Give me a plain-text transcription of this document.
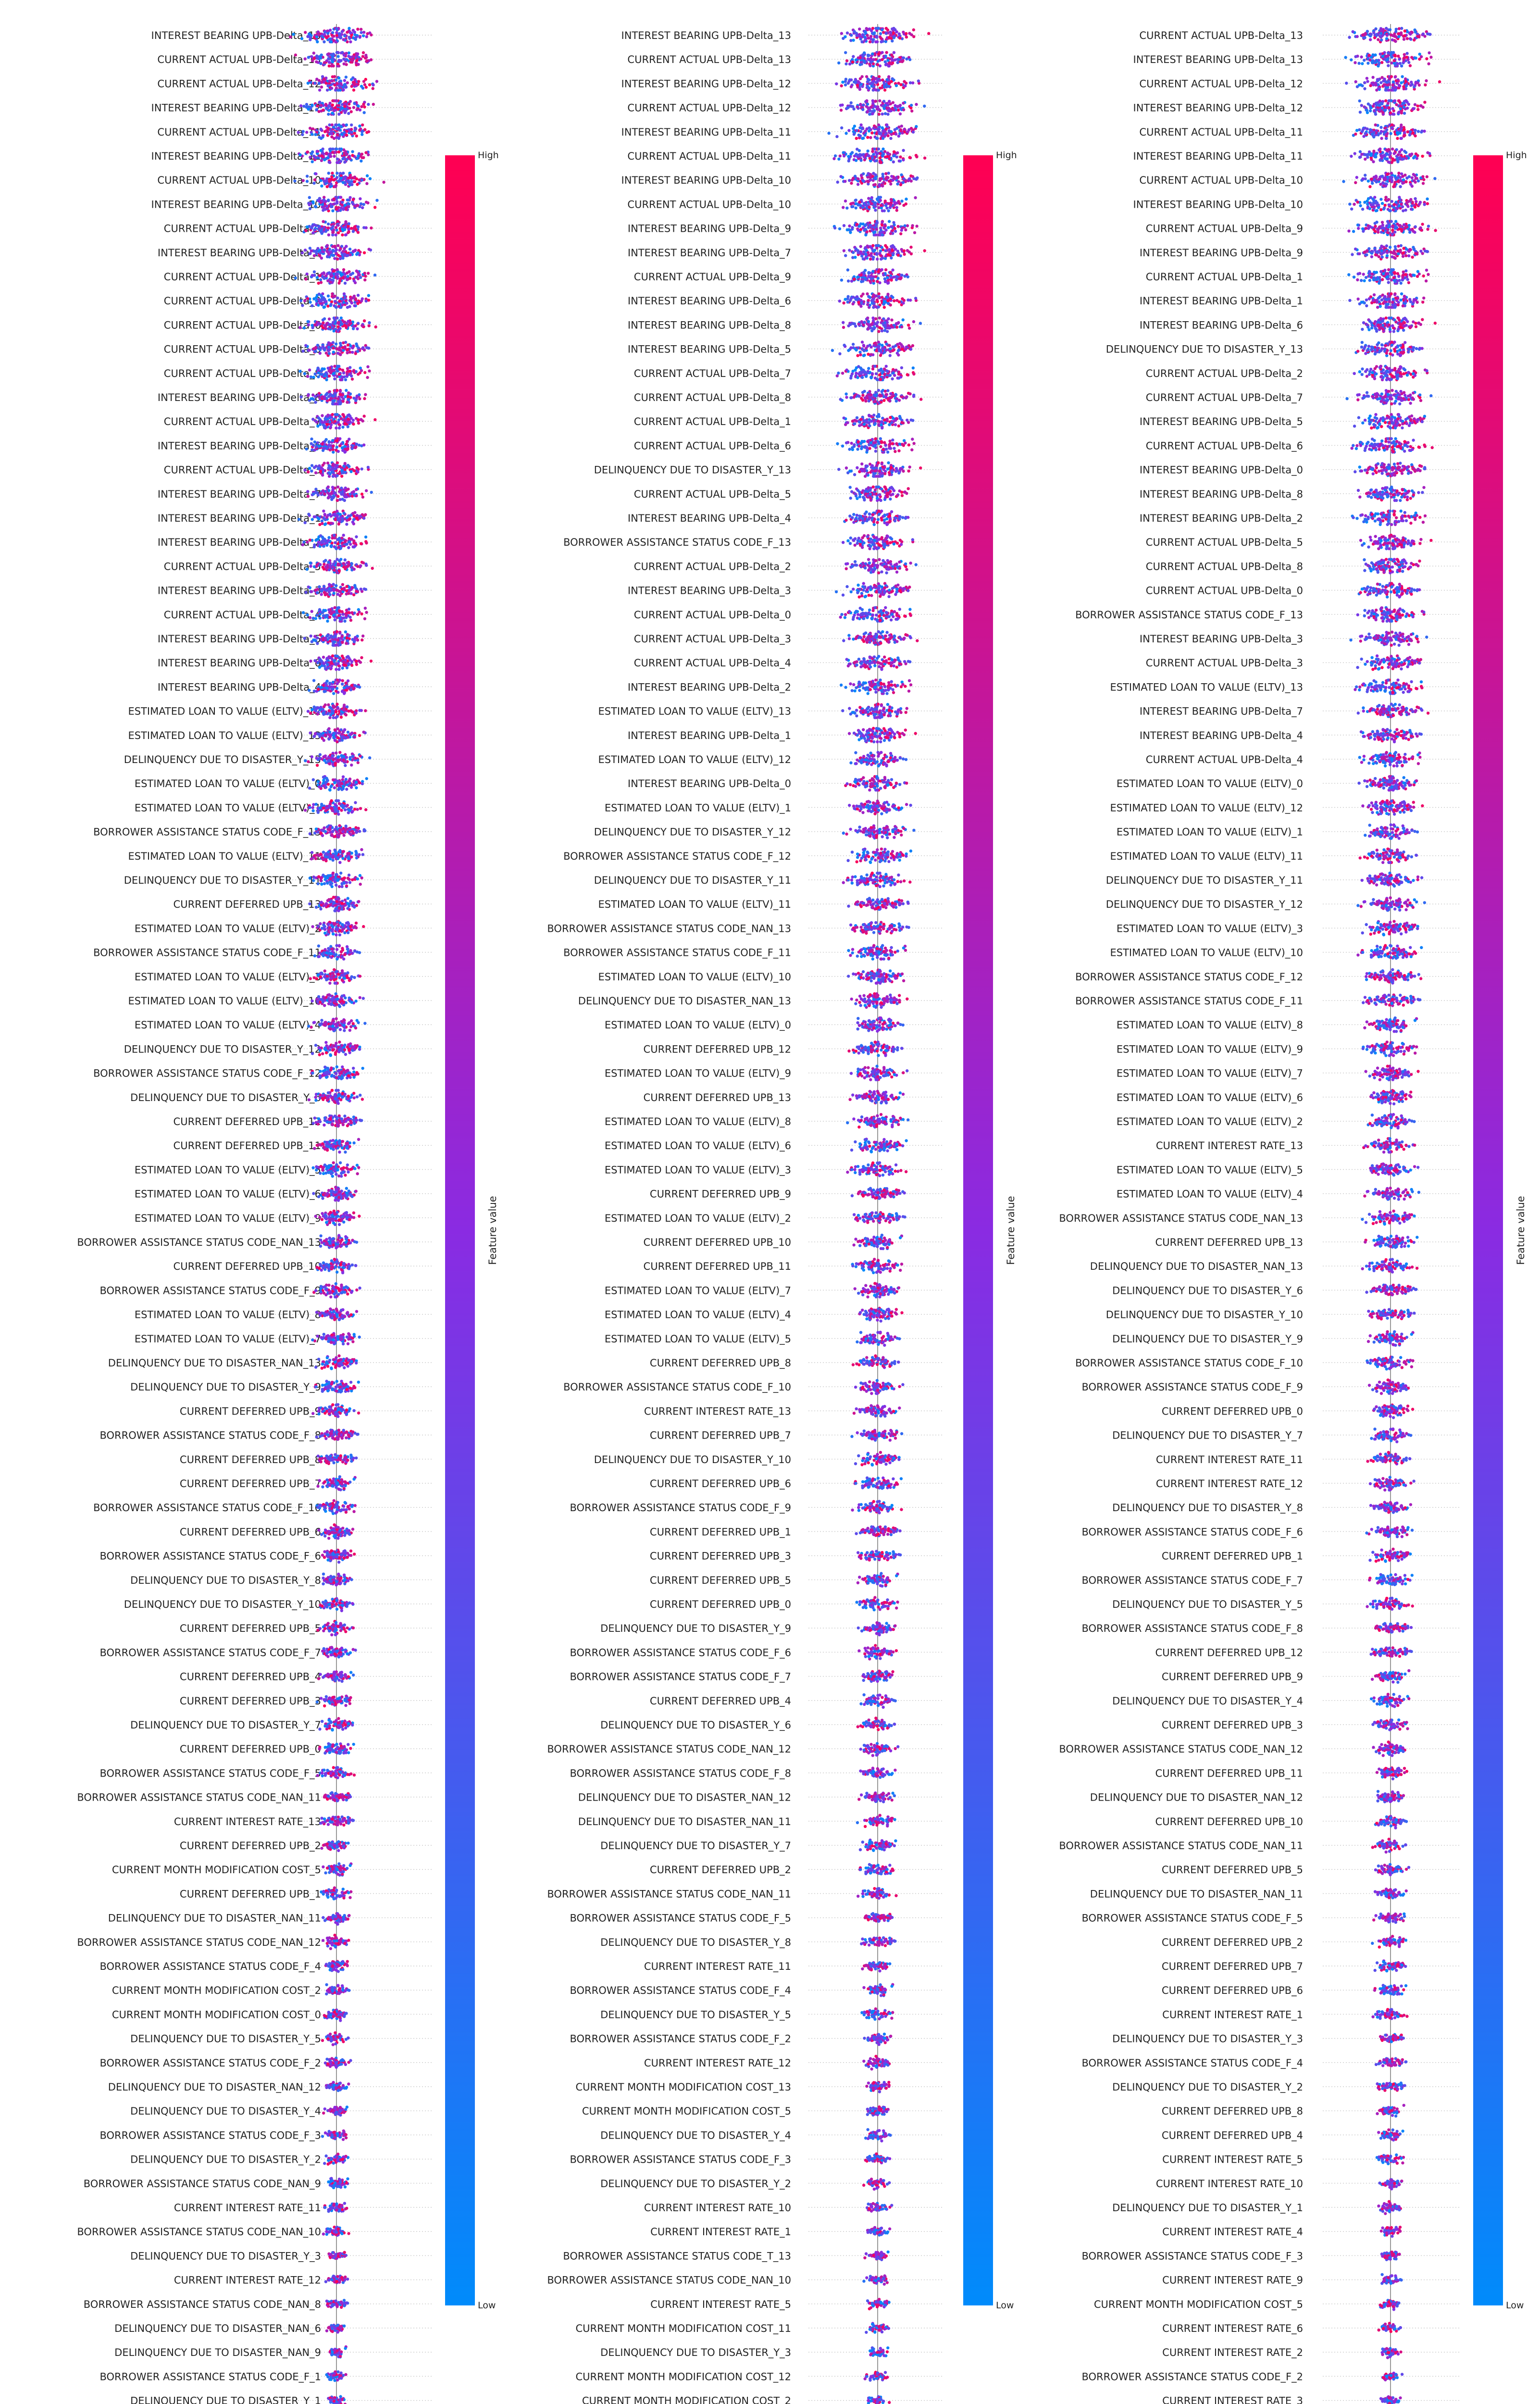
INTEREST BEARING UPB-Delta_13
CURRENT ACTUAL UPB-Delta_13
CURRENT ACTUAL UPB-Delta_12
INTEREST BEARING UPB-Delta_12
CURRENT ACTUAL UPB-Delta_11
INTEREST BEARING UPB-Delta_11
CURRENT ACTUAL UPB-Delta_10
INTEREST BEARING UPB-Delta_10
CURRENT ACTUAL UPB-Delta_9
INTEREST BEARING UPB-Delta_9
CURRENT ACTUAL UPB-Delta_1
CURRENT ACTUAL UPB-Delta_2
CURRENT ACTUAL UPB-Delta_6
CURRENT ACTUAL UPB-Delta_0
CURRENT ACTUAL UPB-Delta_8
INTEREST BEARING UPB-Delta_8
CURRENT ACTUAL UPB-Delta_7
INTEREST BEARING UPB-Delta_6
CURRENT ACTUAL UPB-Delta_3
INTEREST BEARING UPB-Delta_7
INTEREST BEARING UPB-Delta_1
INTEREST BEARING UPB-Delta_2
CURRENT ACTUAL UPB-Delta_5
INTEREST BEARING UPB-Delta_3
CURRENT ACTUAL UPB-Delta_4
INTEREST BEARING UPB-Delta_5
INTEREST BEARING UPB-Delta_0
INTEREST BEARING UPB-Delta_4
ESTIMATED LOAN TO VALUE (ELTV)_12
ESTIMATED LOAN TO VALUE (ELTV)_13
DELINQUENCY DUE TO DISASTER_Y_13
ESTIMATED LOAN TO VALUE (ELTV)_0
ESTIMATED LOAN TO VALUE (ELTV)_1
BORROWER ASSISTANCE STATUS CODE_F_13
ESTIMATED LOAN TO VALUE (ELTV)_11
DELINQUENCY DUE TO DISASTER_Y_11
CURRENT DEFERRED UPB_13
ESTIMATED LOAN TO VALUE (ELTV)_2
BORROWER ASSISTANCE STATUS CODE_F_11
ESTIMATED LOAN TO VALUE (ELTV)_3
ESTIMATED LOAN TO VALUE (ELTV)_10
ESTIMATED LOAN TO VALUE (ELTV)_4
DELINQUENCY DUE TO DISASTER_Y_12
BORROWER ASSISTANCE STATUS CODE_F_12
DELINQUENCY DUE TO DISASTER_Y_6
CURRENT DEFERRED UPB_12
CURRENT DEFERRED UPB_11
ESTIMATED LOAN TO VALUE (ELTV)_5
ESTIMATED LOAN TO VALUE (ELTV)_6
ESTIMATED LOAN TO VALUE (ELTV)_9
BORROWER ASSISTANCE STATUS CODE_NAN_13
CURRENT DEFERRED UPB_10
BORROWER ASSISTANCE STATUS CODE_F_9
ESTIMATED LOAN TO VALUE (ELTV)_8
ESTIMATED LOAN TO VALUE (ELTV)_7
DELINQUENCY DUE TO DISASTER_NAN_13
DELINQUENCY DUE TO DISASTER_Y_9
CURRENT DEFERRED UPB_9
BORROWER ASSISTANCE STATUS CODE_F_8
CURRENT DEFERRED UPB_8
CURRENT DEFERRED UPB_7
BORROWER ASSISTANCE STATUS CODE_F_10
CURRENT DEFERRED UPB_6
BORROWER ASSISTANCE STATUS CODE_F_6
DELINQUENCY DUE TO DISASTER_Y_8
DELINQUENCY DUE TO DISASTER_Y_10
CURRENT DEFERRED UPB_5
BORROWER ASSISTANCE STATUS CODE_F_7
CURRENT DEFERRED UPB_4
CURRENT DEFERRED UPB_3
DELINQUENCY DUE TO DISASTER_Y_7
CURRENT DEFERRED UPB_0
BORROWER ASSISTANCE STATUS CODE_F_5
BORROWER ASSISTANCE STATUS CODE_NAN_11
CURRENT INTEREST RATE_13
CURRENT DEFERRED UPB_2
CURRENT MONTH MODIFICATION COST_5
CURRENT DEFERRED UPB_1
DELINQUENCY DUE TO DISASTER_NAN_11
BORROWER ASSISTANCE STATUS CODE_NAN_12
BORROWER ASSISTANCE STATUS CODE_F_4
CURRENT MONTH MODIFICATION COST_2
CURRENT MONTH MODIFICATION COST_0
DELINQUENCY DUE TO DISASTER_Y_5
BORROWER ASSISTANCE STATUS CODE_F_2
DELINQUENCY DUE TO DISASTER_NAN_12
DELINQUENCY DUE TO DISASTER_Y_4
BORROWER ASSISTANCE STATUS CODE_F_3
DELINQUENCY DUE TO DISASTER_Y_2
BORROWER ASSISTANCE STATUS CODE_NAN_9
CURRENT INTEREST RATE_11
BORROWER ASSISTANCE STATUS CODE_NAN_10
DELINQUENCY DUE TO DISASTER_Y_3
CURRENT INTEREST RATE_12
BORROWER ASSISTANCE STATUS CODE_NAN_8
DELINQUENCY DUE TO DISASTER_NAN_6
DELINQUENCY DUE TO DISASTER_NAN_9
BORROWER ASSISTANCE STATUS CODE_F_1
DELINQUENCY DUE TO DISASTER_Y_1
High
Low
Feature value
INTEREST BEARING UPB-Delta_13
CURRENT ACTUAL UPB-Delta_13
INTEREST BEARING UPB-Delta_12
CURRENT ACTUAL UPB-Delta_12
INTEREST BEARING UPB-Delta_11
CURRENT ACTUAL UPB-Delta_11
INTEREST BEARING UPB-Delta_10
CURRENT ACTUAL UPB-Delta_10
INTEREST BEARING UPB-Delta_9
INTEREST BEARING UPB-Delta_7
CURRENT ACTUAL UPB-Delta_9
INTEREST BEARING UPB-Delta_6
INTEREST BEARING UPB-Delta_8
INTEREST BEARING UPB-Delta_5
CURRENT ACTUAL UPB-Delta_7
CURRENT ACTUAL UPB-Delta_8
CURRENT ACTUAL UPB-Delta_1
CURRENT ACTUAL UPB-Delta_6
DELINQUENCY DUE TO DISASTER_Y_13
CURRENT ACTUAL UPB-Delta_5
INTEREST BEARING UPB-Delta_4
BORROWER ASSISTANCE STATUS CODE_F_13
CURRENT ACTUAL UPB-Delta_2
INTEREST BEARING UPB-Delta_3
CURRENT ACTUAL UPB-Delta_0
CURRENT ACTUAL UPB-Delta_3
CURRENT ACTUAL UPB-Delta_4
INTEREST BEARING UPB-Delta_2
ESTIMATED LOAN TO VALUE (ELTV)_13
INTEREST BEARING UPB-Delta_1
ESTIMATED LOAN TO VALUE (ELTV)_12
INTEREST BEARING UPB-Delta_0
ESTIMATED LOAN TO VALUE (ELTV)_1
DELINQUENCY DUE TO DISASTER_Y_12
BORROWER ASSISTANCE STATUS CODE_F_12
DELINQUENCY DUE TO DISASTER_Y_11
ESTIMATED LOAN TO VALUE (ELTV)_11
BORROWER ASSISTANCE STATUS CODE_NAN_13
BORROWER ASSISTANCE STATUS CODE_F_11
ESTIMATED LOAN TO VALUE (ELTV)_10
DELINQUENCY DUE TO DISASTER_NAN_13
ESTIMATED LOAN TO VALUE (ELTV)_0
CURRENT DEFERRED UPB_12
ESTIMATED LOAN TO VALUE (ELTV)_9
CURRENT DEFERRED UPB_13
ESTIMATED LOAN TO VALUE (ELTV)_8
ESTIMATED LOAN TO VALUE (ELTV)_6
ESTIMATED LOAN TO VALUE (ELTV)_3
CURRENT DEFERRED UPB_9
ESTIMATED LOAN TO VALUE (ELTV)_2
CURRENT DEFERRED UPB_10
CURRENT DEFERRED UPB_11
ESTIMATED LOAN TO VALUE (ELTV)_7
ESTIMATED LOAN TO VALUE (ELTV)_4
ESTIMATED LOAN TO VALUE (ELTV)_5
CURRENT DEFERRED UPB_8
BORROWER ASSISTANCE STATUS CODE_F_10
CURRENT INTEREST RATE_13
CURRENT DEFERRED UPB_7
DELINQUENCY DUE TO DISASTER_Y_10
CURRENT DEFERRED UPB_6
BORROWER ASSISTANCE STATUS CODE_F_9
CURRENT DEFERRED UPB_1
CURRENT DEFERRED UPB_3
CURRENT DEFERRED UPB_5
CURRENT DEFERRED UPB_0
DELINQUENCY DUE TO DISASTER_Y_9
BORROWER ASSISTANCE STATUS CODE_F_6
BORROWER ASSISTANCE STATUS CODE_F_7
CURRENT DEFERRED UPB_4
DELINQUENCY DUE TO DISASTER_Y_6
BORROWER ASSISTANCE STATUS CODE_NAN_12
BORROWER ASSISTANCE STATUS CODE_F_8
DELINQUENCY DUE TO DISASTER_NAN_12
DELINQUENCY DUE TO DISASTER_NAN_11
DELINQUENCY DUE TO DISASTER_Y_7
CURRENT DEFERRED UPB_2
BORROWER ASSISTANCE STATUS CODE_NAN_11
BORROWER ASSISTANCE STATUS CODE_F_5
DELINQUENCY DUE TO DISASTER_Y_8
CURRENT INTEREST RATE_11
BORROWER ASSISTANCE STATUS CODE_F_4
DELINQUENCY DUE TO DISASTER_Y_5
BORROWER ASSISTANCE STATUS CODE_F_2
CURRENT INTEREST RATE_12
CURRENT MONTH MODIFICATION COST_13
CURRENT MONTH MODIFICATION COST_5
DELINQUENCY DUE TO DISASTER_Y_4
BORROWER ASSISTANCE STATUS CODE_F_3
DELINQUENCY DUE TO DISASTER_Y_2
CURRENT INTEREST RATE_10
CURRENT INTEREST RATE_1
BORROWER ASSISTANCE STATUS CODE_T_13
BORROWER ASSISTANCE STATUS CODE_NAN_10
CURRENT INTEREST RATE_5
CURRENT MONTH MODIFICATION COST_11
DELINQUENCY DUE TO DISASTER_Y_3
CURRENT MONTH MODIFICATION COST_12
CURRENT MONTH MODIFICATION COST_2
High
Low
Feature value
CURRENT ACTUAL UPB-Delta_13
INTEREST BEARING UPB-Delta_13
CURRENT ACTUAL UPB-Delta_12
INTEREST BEARING UPB-Delta_12
CURRENT ACTUAL UPB-Delta_11
INTEREST BEARING UPB-Delta_11
CURRENT ACTUAL UPB-Delta_10
INTEREST BEARING UPB-Delta_10
CURRENT ACTUAL UPB-Delta_9
INTEREST BEARING UPB-Delta_9
CURRENT ACTUAL UPB-Delta_1
INTEREST BEARING UPB-Delta_1
INTEREST BEARING UPB-Delta_6
DELINQUENCY DUE TO DISASTER_Y_13
CURRENT ACTUAL UPB-Delta_2
CURRENT ACTUAL UPB-Delta_7
INTEREST BEARING UPB-Delta_5
CURRENT ACTUAL UPB-Delta_6
INTEREST BEARING UPB-Delta_0
INTEREST BEARING UPB-Delta_8
INTEREST BEARING UPB-Delta_2
CURRENT ACTUAL UPB-Delta_5
CURRENT ACTUAL UPB-Delta_8
CURRENT ACTUAL UPB-Delta_0
BORROWER ASSISTANCE STATUS CODE_F_13
INTEREST BEARING UPB-Delta_3
CURRENT ACTUAL UPB-Delta_3
ESTIMATED LOAN TO VALUE (ELTV)_13
INTEREST BEARING UPB-Delta_7
INTEREST BEARING UPB-Delta_4
CURRENT ACTUAL UPB-Delta_4
ESTIMATED LOAN TO VALUE (ELTV)_0
ESTIMATED LOAN TO VALUE (ELTV)_12
ESTIMATED LOAN TO VALUE (ELTV)_1
ESTIMATED LOAN TO VALUE (ELTV)_11
DELINQUENCY DUE TO DISASTER_Y_11
DELINQUENCY DUE TO DISASTER_Y_12
ESTIMATED LOAN TO VALUE (ELTV)_3
ESTIMATED LOAN TO VALUE (ELTV)_10
BORROWER ASSISTANCE STATUS CODE_F_12
BORROWER ASSISTANCE STATUS CODE_F_11
ESTIMATED LOAN TO VALUE (ELTV)_8
ESTIMATED LOAN TO VALUE (ELTV)_9
ESTIMATED LOAN TO VALUE (ELTV)_7
ESTIMATED LOAN TO VALUE (ELTV)_6
ESTIMATED LOAN TO VALUE (ELTV)_2
CURRENT INTEREST RATE_13
ESTIMATED LOAN TO VALUE (ELTV)_5
ESTIMATED LOAN TO VALUE (ELTV)_4
BORROWER ASSISTANCE STATUS CODE_NAN_13
CURRENT DEFERRED UPB_13
DELINQUENCY DUE TO DISASTER_NAN_13
DELINQUENCY DUE TO DISASTER_Y_6
DELINQUENCY DUE TO DISASTER_Y_10
DELINQUENCY DUE TO DISASTER_Y_9
BORROWER ASSISTANCE STATUS CODE_F_10
BORROWER ASSISTANCE STATUS CODE_F_9
CURRENT DEFERRED UPB_0
DELINQUENCY DUE TO DISASTER_Y_7
CURRENT INTEREST RATE_11
CURRENT INTEREST RATE_12
DELINQUENCY DUE TO DISASTER_Y_8
BORROWER ASSISTANCE STATUS CODE_F_6
CURRENT DEFERRED UPB_1
BORROWER ASSISTANCE STATUS CODE_F_7
DELINQUENCY DUE TO DISASTER_Y_5
BORROWER ASSISTANCE STATUS CODE_F_8
CURRENT DEFERRED UPB_12
CURRENT DEFERRED UPB_9
DELINQUENCY DUE TO DISASTER_Y_4
CURRENT DEFERRED UPB_3
BORROWER ASSISTANCE STATUS CODE_NAN_12
CURRENT DEFERRED UPB_11
DELINQUENCY DUE TO DISASTER_NAN_12
CURRENT DEFERRED UPB_10
BORROWER ASSISTANCE STATUS CODE_NAN_11
CURRENT DEFERRED UPB_5
DELINQUENCY DUE TO DISASTER_NAN_11
BORROWER ASSISTANCE STATUS CODE_F_5
CURRENT DEFERRED UPB_2
CURRENT DEFERRED UPB_7
CURRENT DEFERRED UPB_6
CURRENT INTEREST RATE_1
DELINQUENCY DUE TO DISASTER_Y_3
BORROWER ASSISTANCE STATUS CODE_F_4
DELINQUENCY DUE TO DISASTER_Y_2
CURRENT DEFERRED UPB_8
CURRENT DEFERRED UPB_4
CURRENT INTEREST RATE_5
CURRENT INTEREST RATE_10
DELINQUENCY DUE TO DISASTER_Y_1
CURRENT INTEREST RATE_4
BORROWER ASSISTANCE STATUS CODE_F_3
CURRENT INTEREST RATE_9
CURRENT MONTH MODIFICATION COST_5
CURRENT INTEREST RATE_6
CURRENT INTEREST RATE_2
BORROWER ASSISTANCE STATUS CODE_F_2
CURRENT INTEREST RATE_3
High
Low
Feature value
